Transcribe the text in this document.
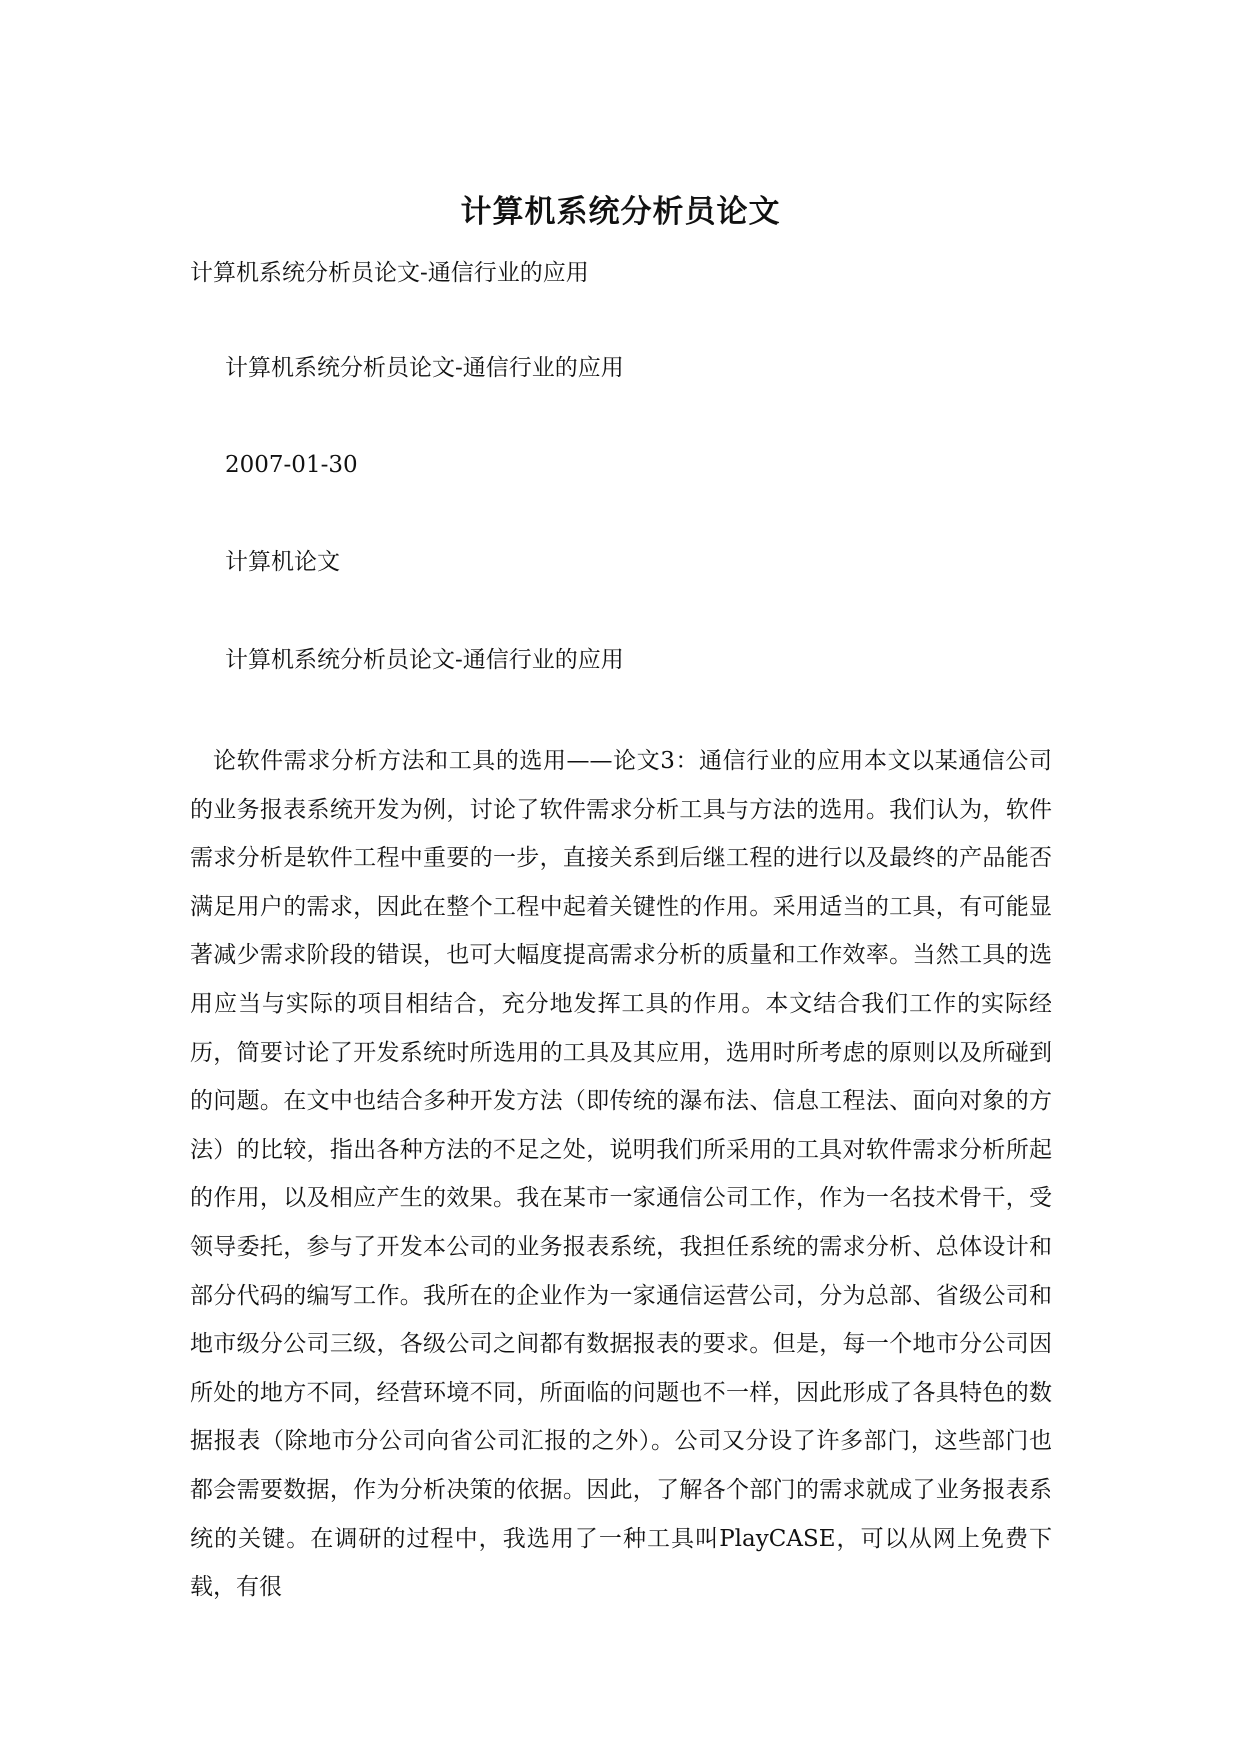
计算机系统分析员论文

计算机系统分析员论文-通信行业的应用

计算机系统分析员论文-通信行业的应用

2007-01-30

计算机论文

计算机系统分析员论文-通信行业的应用

论软件需求分析方法和工具的选用——论文3：通信行业的应用本文以某通信公司的业务报表系统开发为例，讨论了软件需求分析工具与方法的选用。我们认为，软件需求分析是软件工程中重要的一步，直接关系到后继工程的进行以及最终的产品能否满足用户的需求，因此在整个工程中起着关键性的作用。采用适当的工具，有可能显著减少需求阶段的错误，也可大幅度提高需求分析的质量和工作效率。当然工具的选用应当与实际的项目相结合，充分地发挥工具的作用。本文结合我们工作的实际经历，简要讨论了开发系统时所选用的工具及其应用，选用时所考虑的原则以及所碰到的问题。在文中也结合多种开发方法（即传统的瀑布法、信息工程法、面向对象的方法）的比较，指出各种方法的不足之处，说明我们所采用的工具对软件需求分析所起的作用，以及相应产生的效果。我在某市一家通信公司工作，作为一名技术骨干，受领导委托，参与了开发本公司的业务报表系统，我担任系统的需求分析、总体设计和部分代码的编写工作。我所在的企业作为一家通信运营公司，分为总部、省级公司和地市级分公司三级，各级公司之间都有数据报表的要求。但是，每一个地市分公司因所处的地方不同，经营环境不同，所面临的问题也不一样，因此形成了各具特色的数据报表（除地市分公司向省公司汇报的之外）。公司又分设了许多部门，这些部门也都会需要数据，作为分析决策的依据。因此，了解各个部门的需求就成了业务报表系统的关键。在调研的过程中，我选用了一种工具叫PlayCASE，可以从网上免费下载，有很
